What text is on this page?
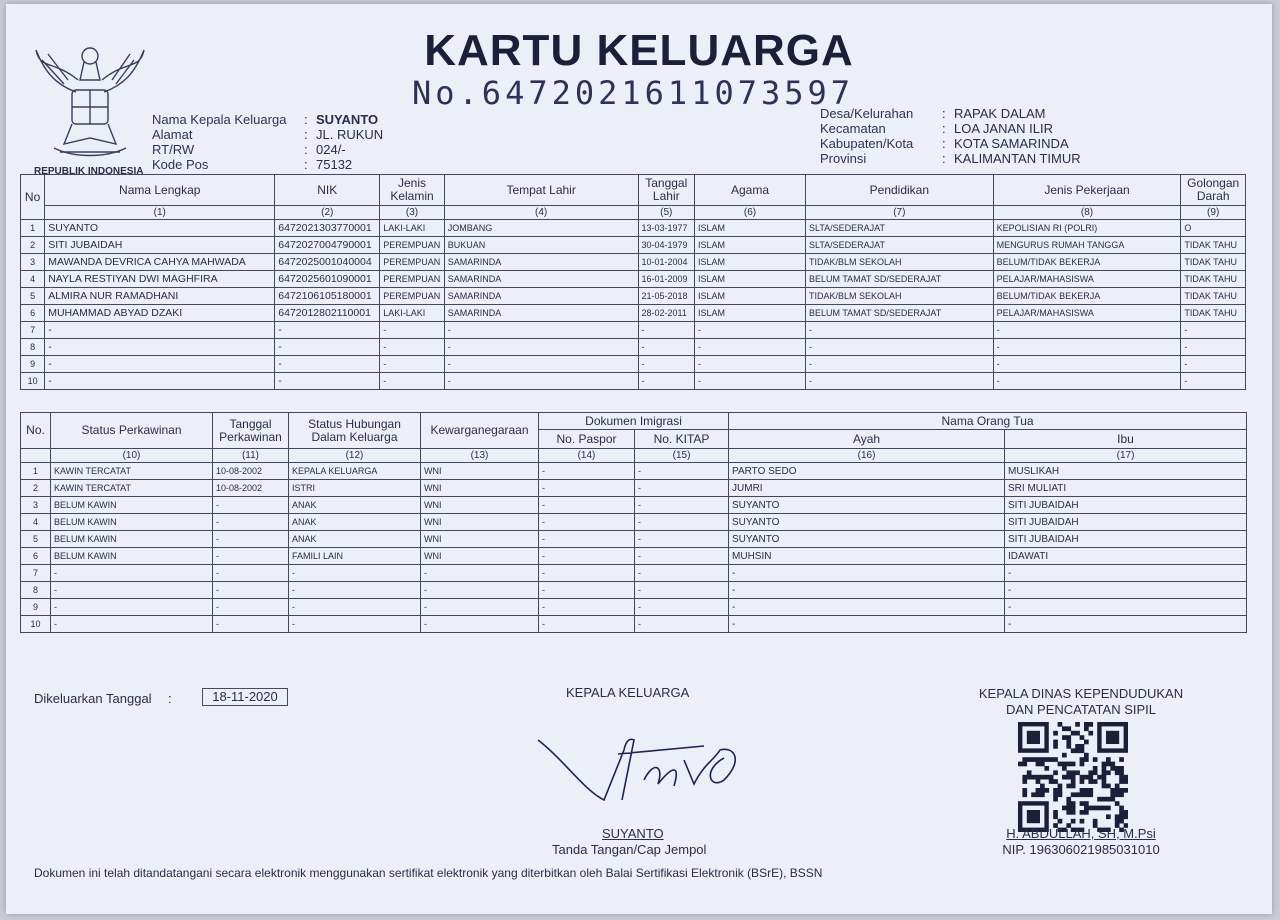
REPUBLIK INDONESIA
KARTU KELUARGA
No.6472021611073597
Nama Kepala Keluarga	: SUYANTO
Alamat	: JL. RUKUN
RT/RW	: 024/-
Kode Pos	: 75132
Desa/Kelurahan	: RAPAK DALAM
Kecamatan	: LOA JANAN ILIR
Kabupaten/Kota	: KOTA SAMARINDA
Provinsi	: KALIMANTAN TIMUR
No	Nama Lengkap	NIK	Jenis Kelamin	Tempat Lahir	Tanggal Lahir	Agama	Pendidikan	Jenis Pekerjaan	Golongan Darah
	(1)	(2)	(3)	(4)	(5)	(6)	(7)	(8)	(9)
1	SUYANTO	6472021303770001	LAKI-LAKI	JOMBANG	13-03-1977	ISLAM	SLTA/SEDERAJAT	KEPOLISIAN RI (POLRI)	O
2	SITI JUBAIDAH	6472027004790001	PEREMPUAN	BUKUAN	30-04-1979	ISLAM	SLTA/SEDERAJAT	MENGURUS RUMAH TANGGA	TIDAK TAHU
3	MAWANDA DEVRICA CAHYA MAHWADA	6472025001040004	PEREMPUAN	SAMARINDA	10-01-2004	ISLAM	TIDAK/BLM SEKOLAH	BELUM/TIDAK BEKERJA	TIDAK TAHU
4	NAYLA RESTIYAN DWI MAGHFIRA	6472025601090001	PEREMPUAN	SAMARINDA	16-01-2009	ISLAM	BELUM TAMAT SD/SEDERAJAT	PELAJAR/MAHASISWA	TIDAK TAHU
5	ALMIRA NUR RAMADHANI	6472106105180001	PEREMPUAN	SAMARINDA	21-05-2018	ISLAM	TIDAK/BLM SEKOLAH	BELUM/TIDAK BEKERJA	TIDAK TAHU
6	MUHAMMAD ABYAD DZAKI	6472012802110001	LAKI-LAKI	SAMARINDA	28-02-2011	ISLAM	BELUM TAMAT SD/SEDERAJAT	PELAJAR/MAHASISWA	TIDAK TAHU
7	-	-	-	-	-	-	-	-	-
8	-	-	-	-	-	-	-	-	-
9	-	-	-	-	-	-	-	-	-
10	-	-	-	-	-	-	-	-	-
No.	Status Perkawinan	Tanggal Perkawinan	Status Hubungan Dalam Keluarga	Kewarganegaraan	Dokumen Imigrasi		Nama Orang Tua	
					No. Paspor	No. KITAP	Ayah	Ibu
	(10)	(11)	(12)	(13)	(14)	(15)	(16)	(17)
1	KAWIN TERCATAT	10-08-2002	KEPALA KELUARGA	WNI	-	-	PARTO SEDO	MUSLIKAH
2	KAWIN TERCATAT	10-08-2002	ISTRI	WNI	-	-	JUMRI	SRI MULIATI
3	BELUM KAWIN	-	ANAK	WNI	-	-	SUYANTO	SITI JUBAIDAH
4	BELUM KAWIN	-	ANAK	WNI	-	-	SUYANTO	SITI JUBAIDAH
5	BELUM KAWIN	-	ANAK	WNI	-	-	SUYANTO	SITI JUBAIDAH
6	BELUM KAWIN	-	FAMILI LAIN	WNI	-	-	MUHSIN	IDAWATI
7	-	-	-	-	-	-	-	-
8	-	-	-	-	-	-	-	-
9	-	-	-	-	-	-	-	-
10	-	-	-	-	-	-	-	-
Dikeluarkan Tanggal :	18-11-2020	KEPALA KELUARGA
SUYANTO
Tanda Tangan/Cap Jempol
KEPALA DINAS KEPENDUDUKAN
DAN PENCATATAN SIPIL
H. ABDULLAH, SH, M.Psi
NIP. 196306021985031010
Dokumen ini telah ditandatangani secara elektronik menggunakan sertifikat elektronik yang diterbitkan oleh Balai Sertifikasi Elektronik (BSrE), BSSN
